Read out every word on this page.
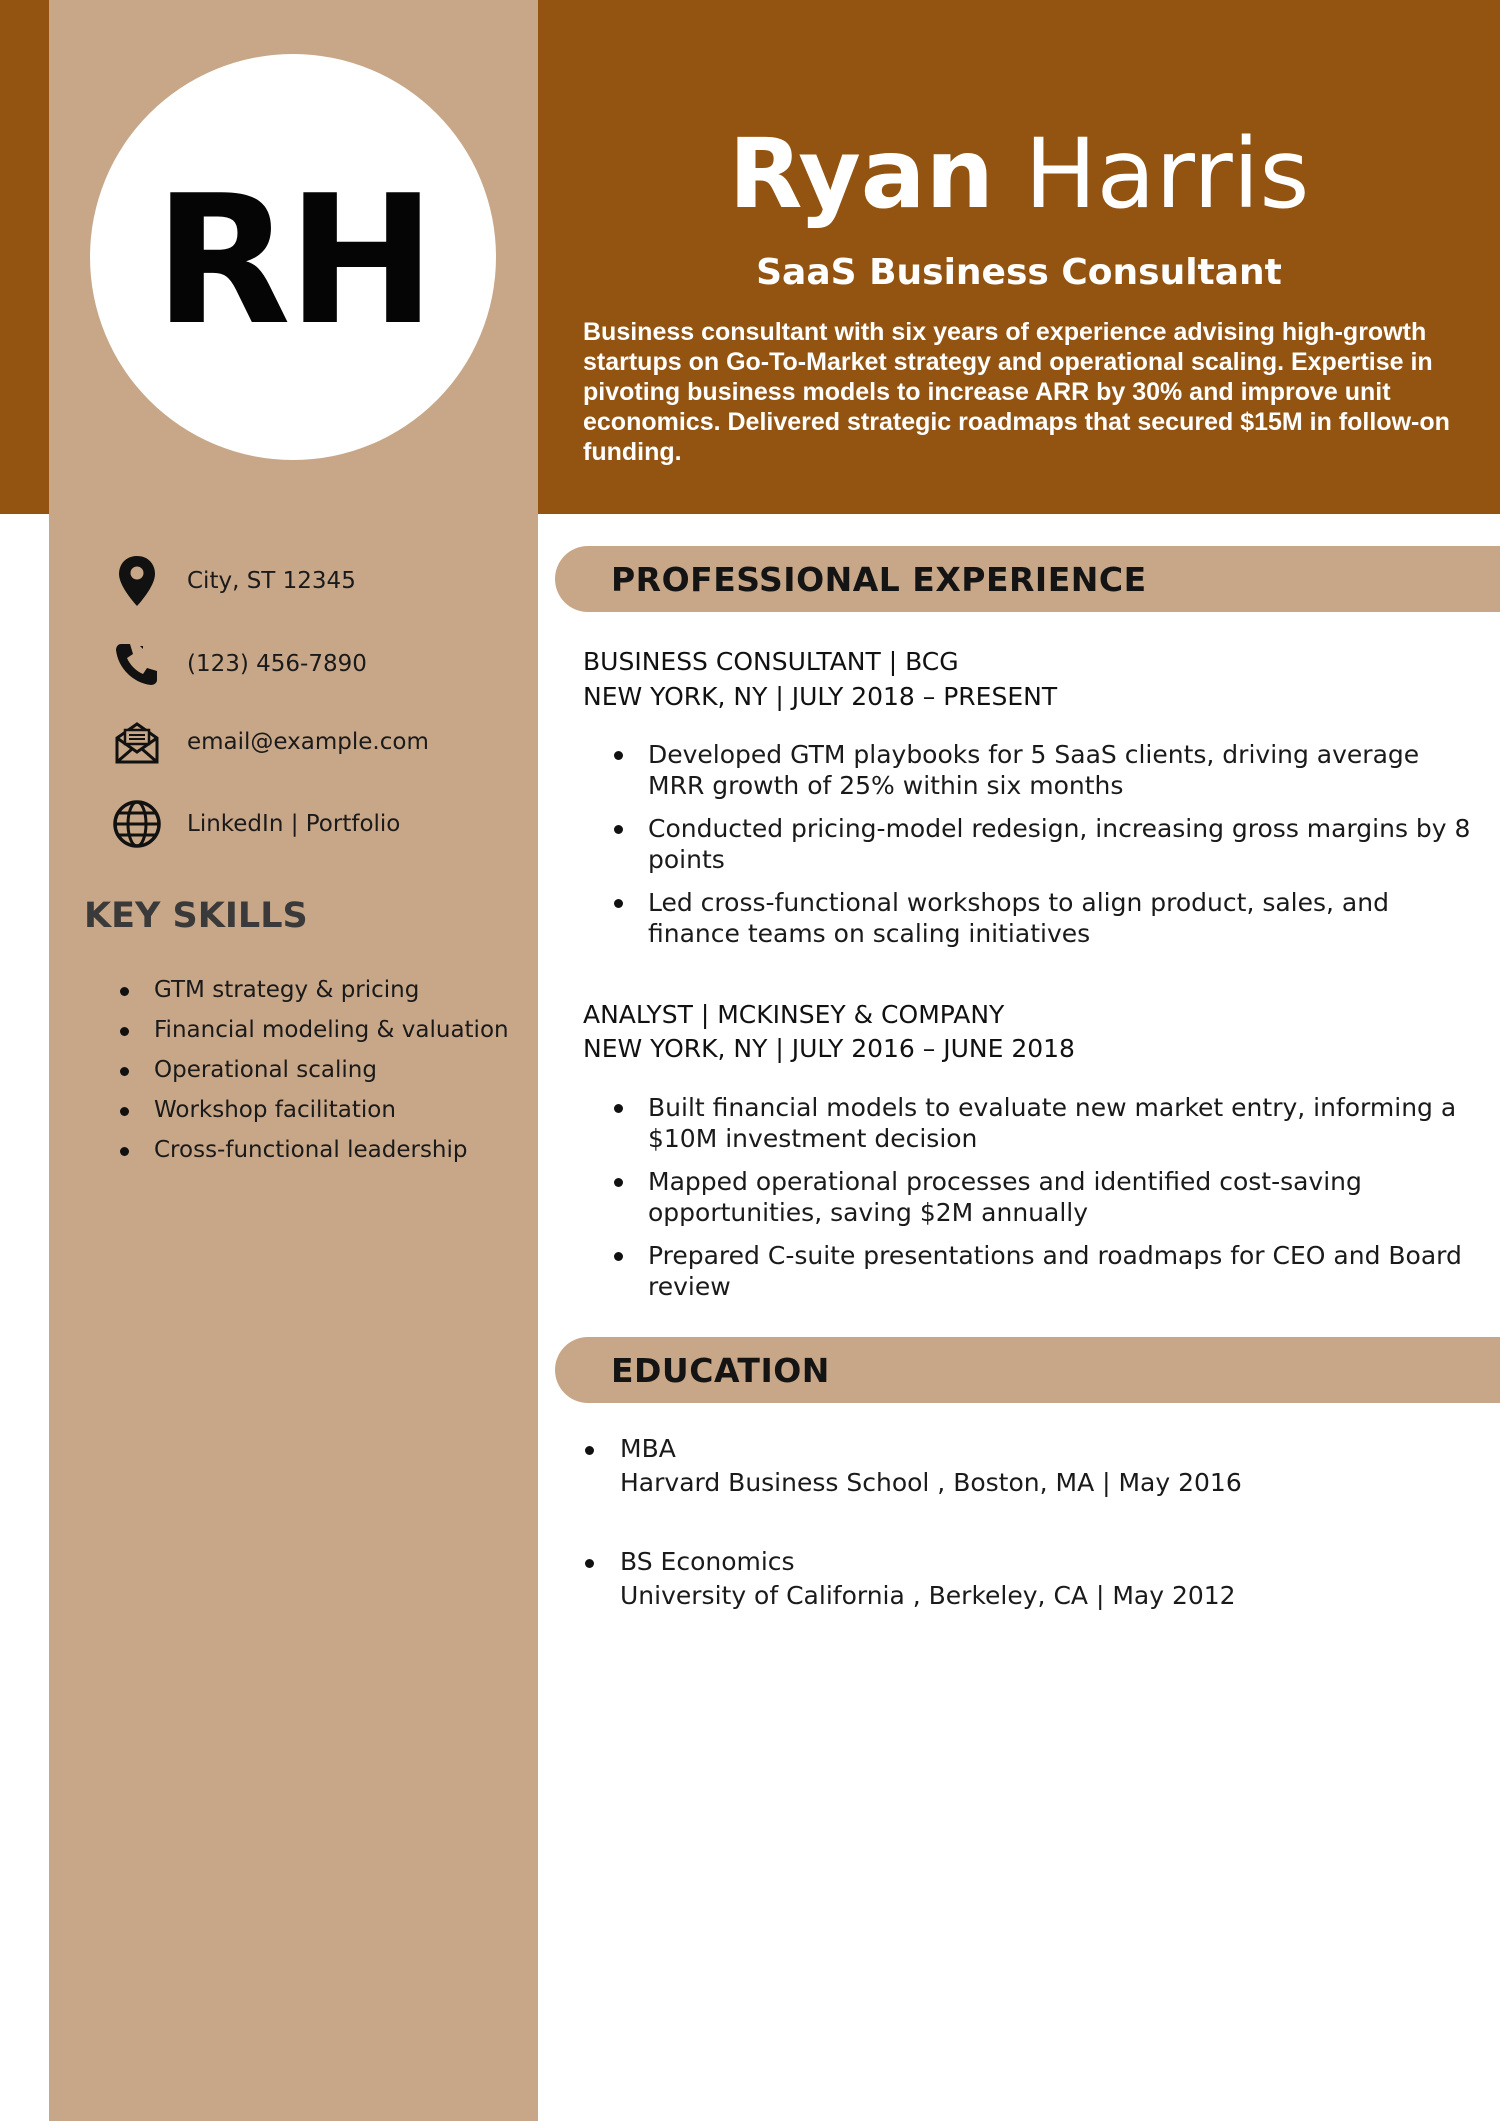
RH	Ryan Harris
SaaS Business Consultant
Business consultant with six years of experience advising high-growth startups on Go-To-Market strategy and operational scaling. Expertise in pivoting business models to increase ARR by 30% and improve unit economics. Delivered strategic roadmaps that secured $15M in follow-on funding.
City, ST 12345
(123) 456-7890
email@example.com
LinkedIn | Portfolio
KEY SKILLS
GTM strategy & pricing
Financial modeling & valuation
Operational scaling
Workshop facilitation
Cross-functional leadership
PROFESSIONAL EXPERIENCE
BUSINESS CONSULTANT | BCG
NEW YORK, NY | JULY 2018 – PRESENT
Developed GTM playbooks for 5 SaaS clients, driving average MRR growth of 25% within six months
Conducted pricing-model redesign, increasing gross margins by 8 points
Led cross-functional workshops to align product, sales, and finance teams on scaling initiatives
ANALYST | MCKINSEY & COMPANY
NEW YORK, NY | JULY 2016 – JUNE 2018
Built financial models to evaluate new market entry, informing a $10M investment decision
Mapped operational processes and identified cost-saving opportunities, saving $2M annually
Prepared C-suite presentations and roadmaps for CEO and Board review
EDUCATION
MBA
Harvard Business School , Boston, MA | May 2016
BS Economics
University of California , Berkeley, CA | May 2012
